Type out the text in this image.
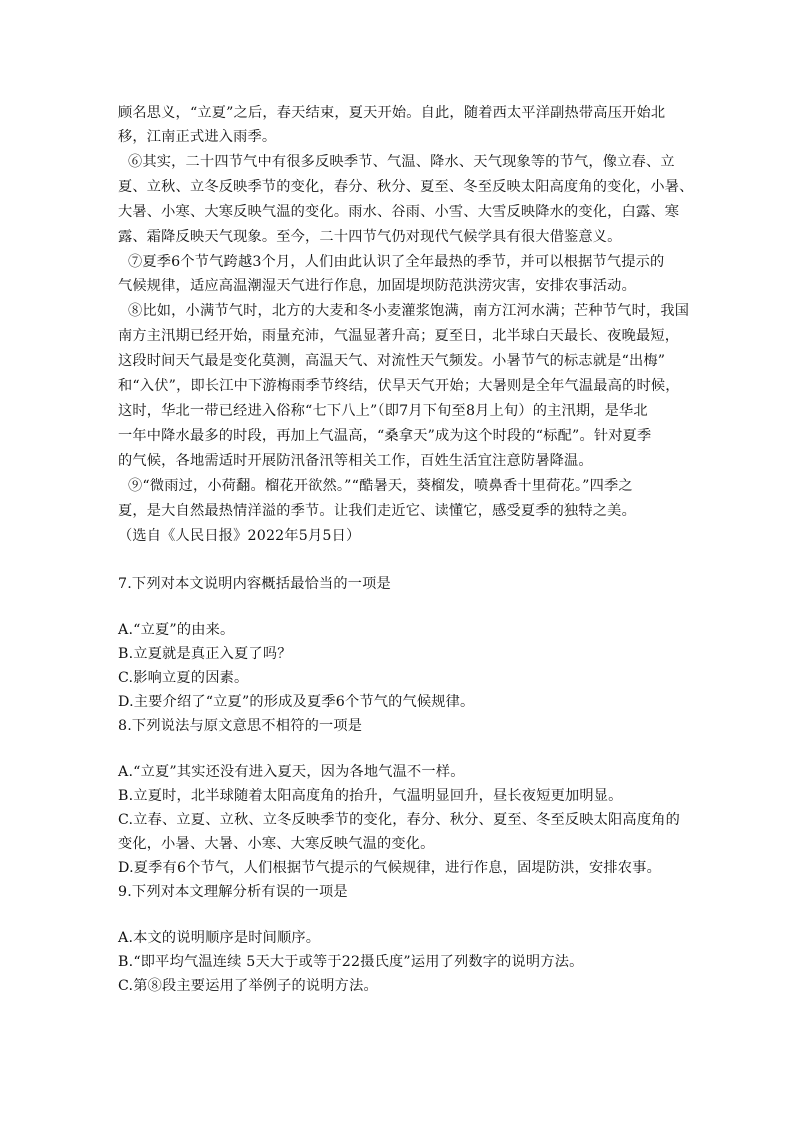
顾名思义，“立夏”之后，春天结束，夏天开始。自此，随着西太平洋副热带高压开始北
移，江南正式进入雨季。
⑥其实，二十四节气中有很多反映季节、气温、降水、天气现象等的节气，像立春、立
夏、立秋、立冬反映季节的变化，春分、秋分、夏至、冬至反映太阳高度角的变化，小暑、
大暑、小寒、大寒反映气温的变化。雨水、谷雨、小雪、大雪反映降水的变化，白露、寒
露、霜降反映天气现象。至今，二十四节气仍对现代气候学具有很大借鉴意义。
⑦夏季6个节气跨越3个月，人们由此认识了全年最热的季节，并可以根据节气提示的
气候规律，适应高温潮湿天气进行作息，加固堤坝防范洪涝灾害，安排农事活动。
⑧比如，小满节气时，北方的大麦和冬小麦灌浆饱满，南方江河水满；芒种节气时，我国
南方主汛期已经开始，雨量充沛，气温显著升高；夏至日，北半球白天最长、夜晚最短，
这段时间天气最是变化莫测，高温天气、对流性天气频发。小暑节气的标志就是“出梅”
和“入伏”，即长江中下游梅雨季节终结，伏旱天气开始；大暑则是全年气温最高的时候，
这时，华北一带已经进入俗称“七下八上”（即7月下旬至8月上旬）的主汛期，是华北
一年中降水最多的时段，再加上气温高，“桑拿天”成为这个时段的“标配”。针对夏季
的气候，各地需适时开展防汛备汛等相关工作，百姓生活宜注意防暑降温。
⑨“微雨过，小荷翻。榴花开欲然。”“酷暑天，葵榴发，喷鼻香十里荷花。”四季之
夏，是大自然最热情洋溢的季节。让我们走近它、读懂它，感受夏季的独特之美。
（选自《人民日报》2022年5月5日）
7.下列对本文说明内容概括最恰当的一项是
A.“立夏”的由来。
B.立夏就是真正入夏了吗？
C.影响立夏的因素。
D.主要介绍了“立夏”的形成及夏季6个节气的气候规律。
8.下列说法与原文意思不相符的一项是
A.“立夏”其实还没有进入夏天，因为各地气温不一样。
B.立夏时，北半球随着太阳高度角的抬升，气温明显回升，昼长夜短更加明显。
C.立春、立夏、立秋、立冬反映季节的变化，春分、秋分、夏至、冬至反映太阳高度角的
变化，小暑、大暑、小寒、大寒反映气温的变化。
D.夏季有6个节气，人们根据节气提示的气候规律，进行作息，固堤防洪，安排农事。
9.下列对本文理解分析有误的一项是
A.本文的说明顺序是时间顺序。
B.“即平均气温连续 5天大于或等于22摄氏度”运用了列数字的说明方法。
C.第⑧段主要运用了举例子的说明方法。
